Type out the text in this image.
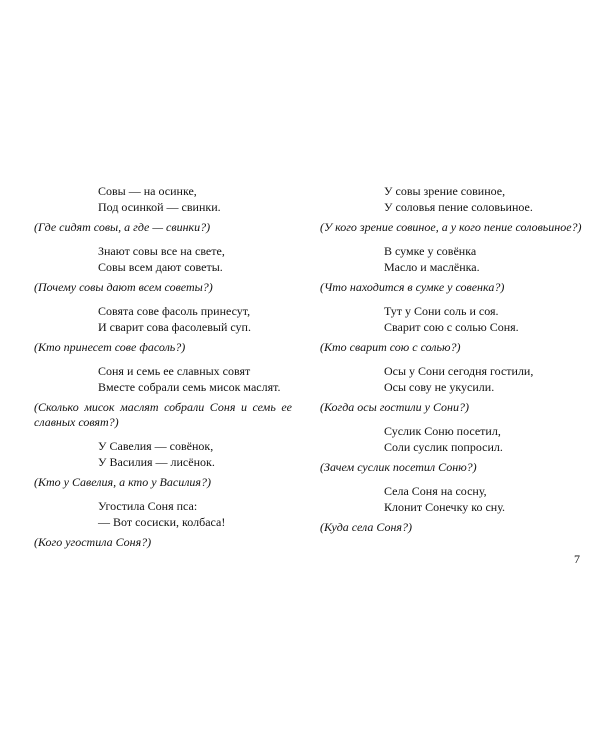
Совы — на осинке,
Под осинкой — свинки.

(Где сидят совы, а где — свинки?)

Знают совы все на свете,
Совы всем дают советы.

(Почему совы дают всем советы?)

Совята сове фасоль принесут,
И сварит сова фасолевый суп.

(Кто принесет сове фасоль?)

Соня и семь ее славных совят
Вместе собрали семь мисок маслят.

(Сколько мисок маслят собрали Соня и семь ее славных совят?)

У Савелия — совёнок,
У Василия — лисёнок.

(Кто у Савелия, а кто у Василия?)

Угостила Соня пса:
— Вот сосиски, колбаса!

(Кого угостила Соня?)

У совы зрение совиное,
У соловья пение соловьиное.

(У кого зрение совиное, а у кого пение соловьиное?)

В сумке у совёнка
Масло и маслёнка.

(Что находится в сумке у совенка?)

Тут у Сони соль и соя.
Сварит сою с солью Соня.

(Кто сварит сою с солью?)

Осы у Сони сегодня гостили,
Осы сову не укусили.

(Когда осы гостили у Сони?)

Суслик Соню посетил,
Соли суслик попросил.

(Зачем суслик посетил Соню?)

Села Соня на сосну,
Клонит Сонечку ко сну.

(Куда села Соня?)

7
